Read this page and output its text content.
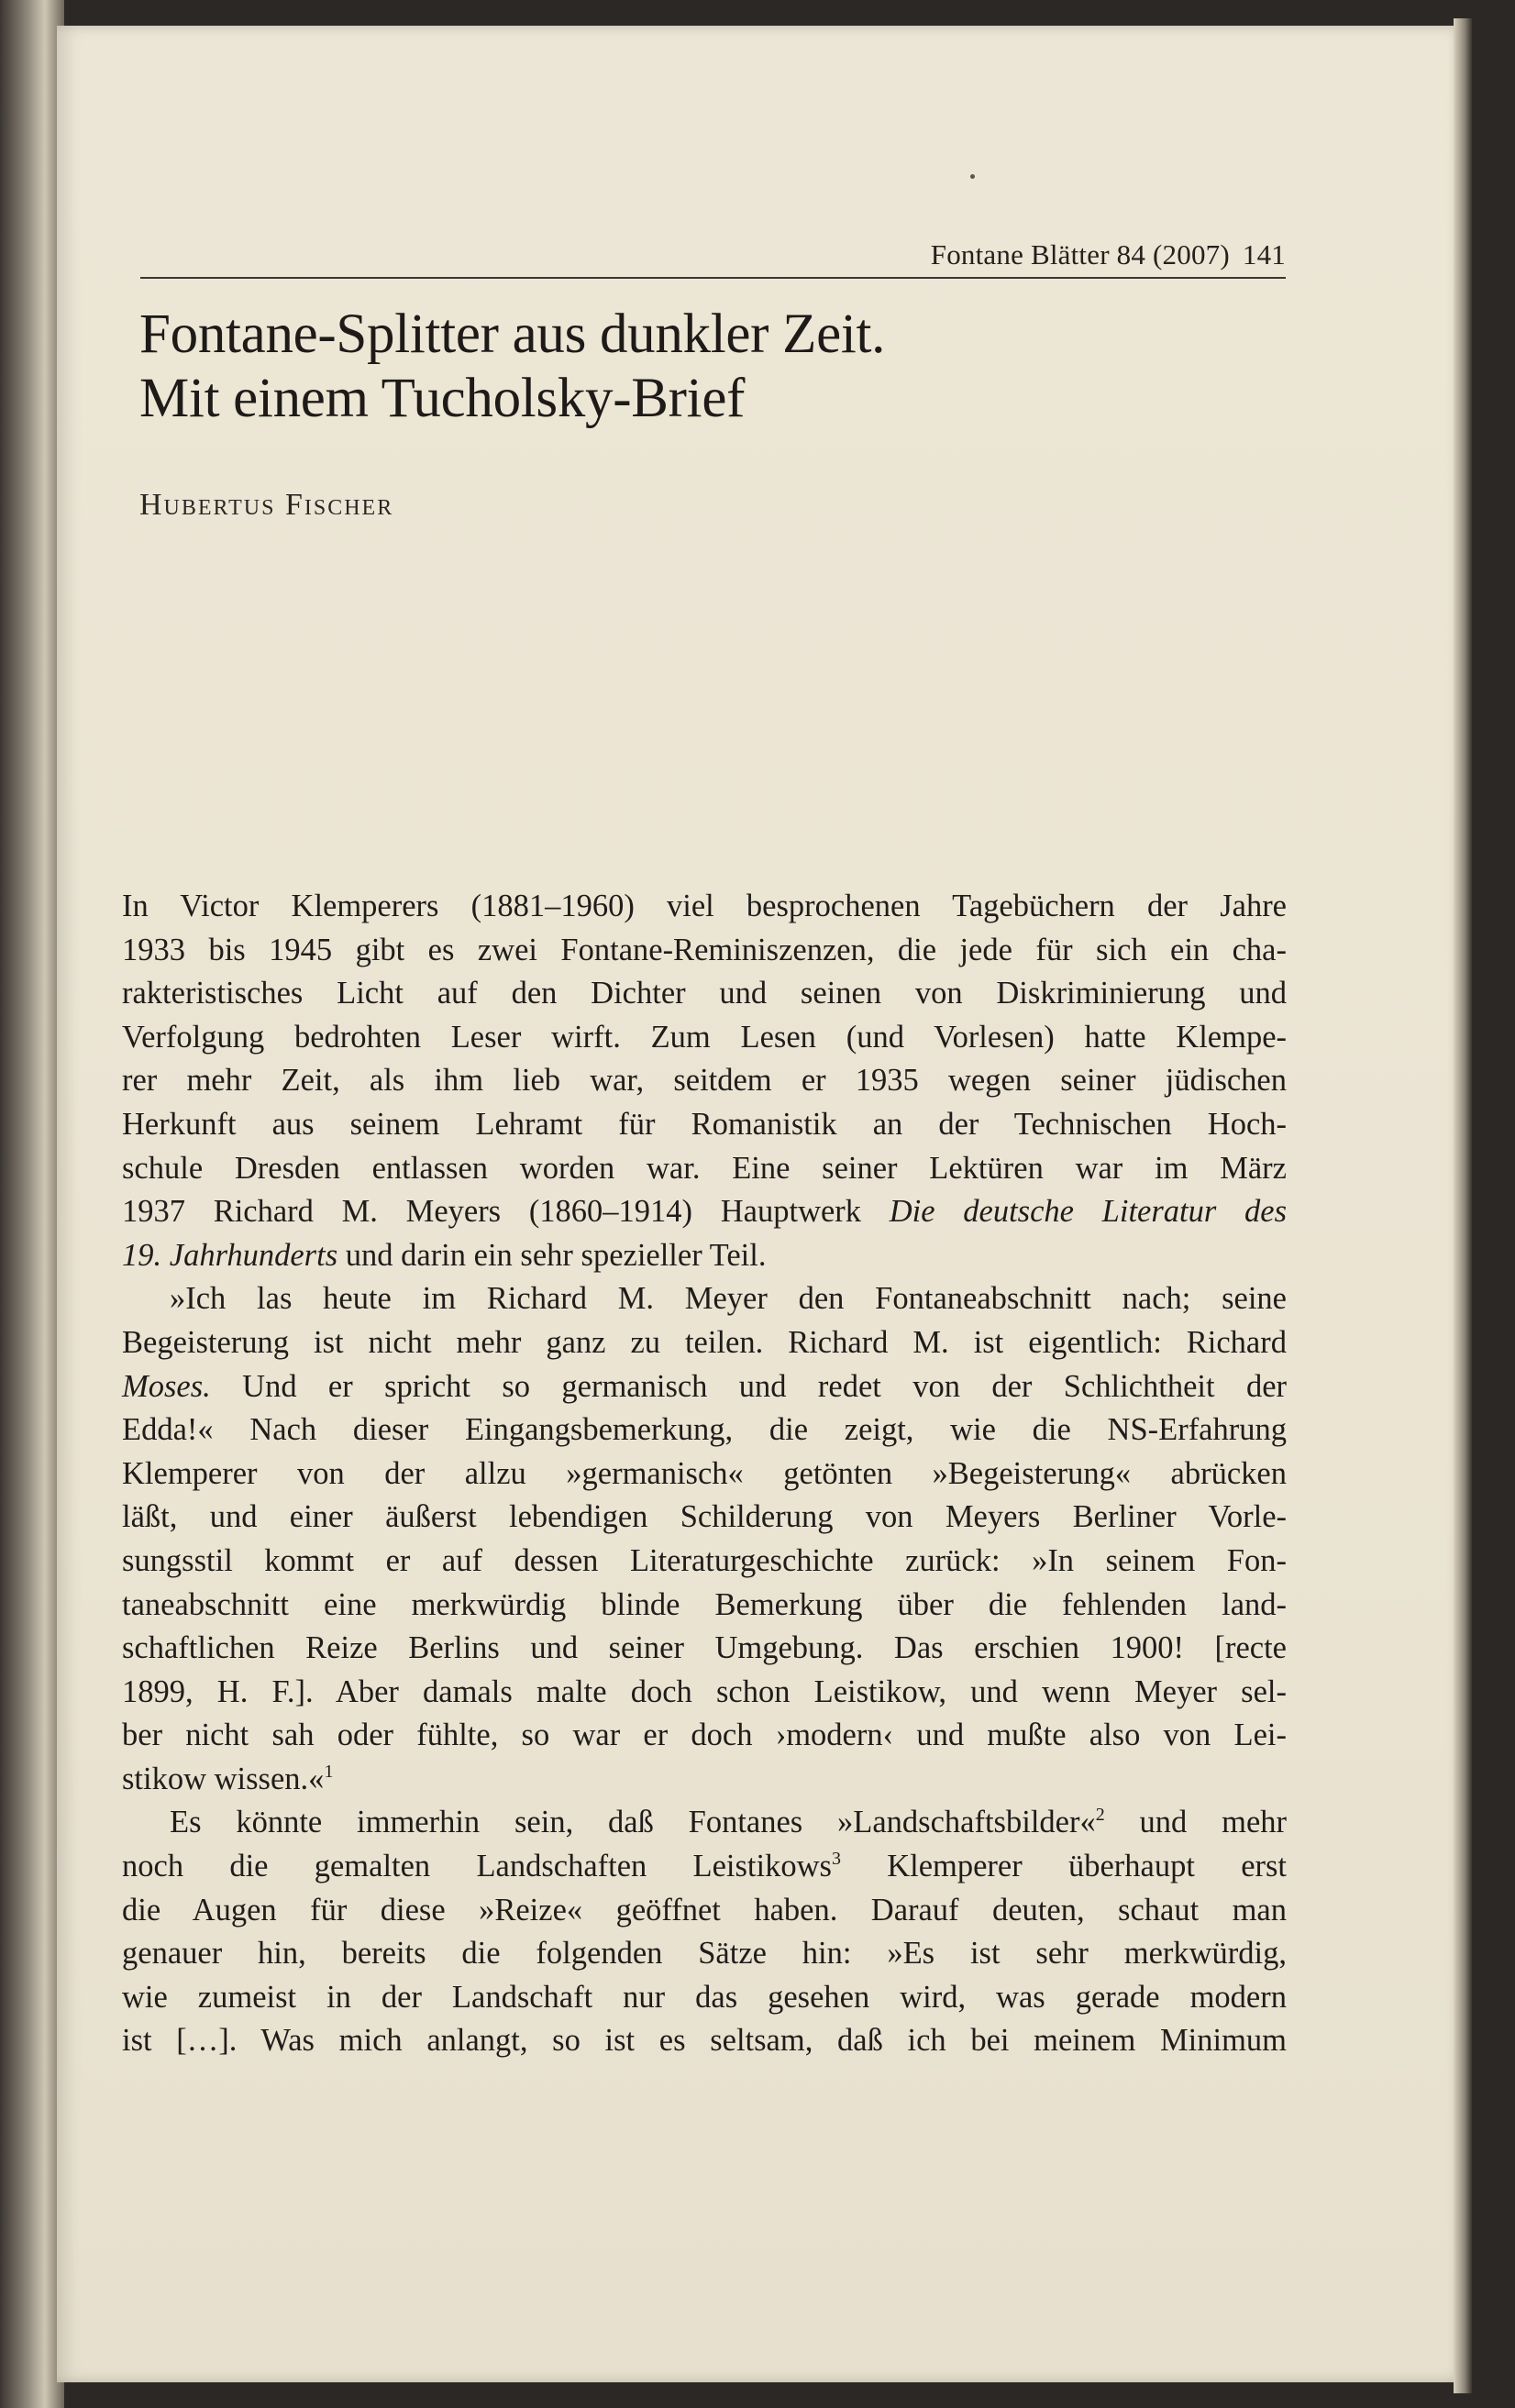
Fontane Blätter 84 (2007) 141
Fontane-Splitter aus dunkler Zeit.
Mit einem Tucholsky-Brief
Hubertus Fischer

In Victor Klemperers (1881–1960) viel besprochenen Tagebüchern der Jahre
1933 bis 1945 gibt es zwei Fontane-Reminiszenzen, die jede für sich ein cha-
rakteristisches Licht auf den Dichter und seinen von Diskriminierung und
Verfolgung bedrohten Leser wirft. Zum Lesen (und Vorlesen) hatte Klempe-
rer mehr Zeit, als ihm lieb war, seitdem er 1935 wegen seiner jüdischen
Herkunft aus seinem Lehramt für Romanistik an der Technischen Hoch-
schule Dresden entlassen worden war. Eine seiner Lektüren war im März
1937 Richard M. Meyers (1860–1914) Hauptwerk Die deutsche Literatur des
19. Jahrhunderts und darin ein sehr spezieller Teil.

»Ich las heute im Richard M. Meyer den Fontaneabschnitt nach; seine
Begeisterung ist nicht mehr ganz zu teilen. Richard M. ist eigentlich: Richard
Moses. Und er spricht so germanisch und redet von der Schlichtheit der
Edda!« Nach dieser Eingangsbemerkung, die zeigt, wie die NS-Erfahrung
Klemperer von der allzu »germanisch« getönten »Begeisterung« abrücken
läßt, und einer äußerst lebendigen Schilderung von Meyers Berliner Vorle-
sungsstil kommt er auf dessen Literaturgeschichte zurück: »In seinem Fon-
taneabschnitt eine merkwürdig blinde Bemerkung über die fehlenden land-
schaftlichen Reize Berlins und seiner Umgebung. Das erschien 1900! [recte
1899, H. F.]. Aber damals malte doch schon Leistikow, und wenn Meyer sel-
ber nicht sah oder fühlte, so war er doch ›modern‹ und mußte also von Lei-
stikow wissen.«$^1$

Es könnte immerhin sein, daß Fontanes »Landschaftsbilder«$^2$ und mehr
noch die gemalten Landschaften Leistikows$^3$ Klemperer überhaupt erst
die Augen für diese »Reize« geöffnet haben. Darauf deuten, schaut man
genauer hin, bereits die folgenden Sätze hin: »Es ist sehr merkwürdig,
wie zumeist in der Landschaft nur das gesehen wird, was gerade modern
ist […]. Was mich anlangt, so ist es seltsam, daß ich bei meinem Minimum
